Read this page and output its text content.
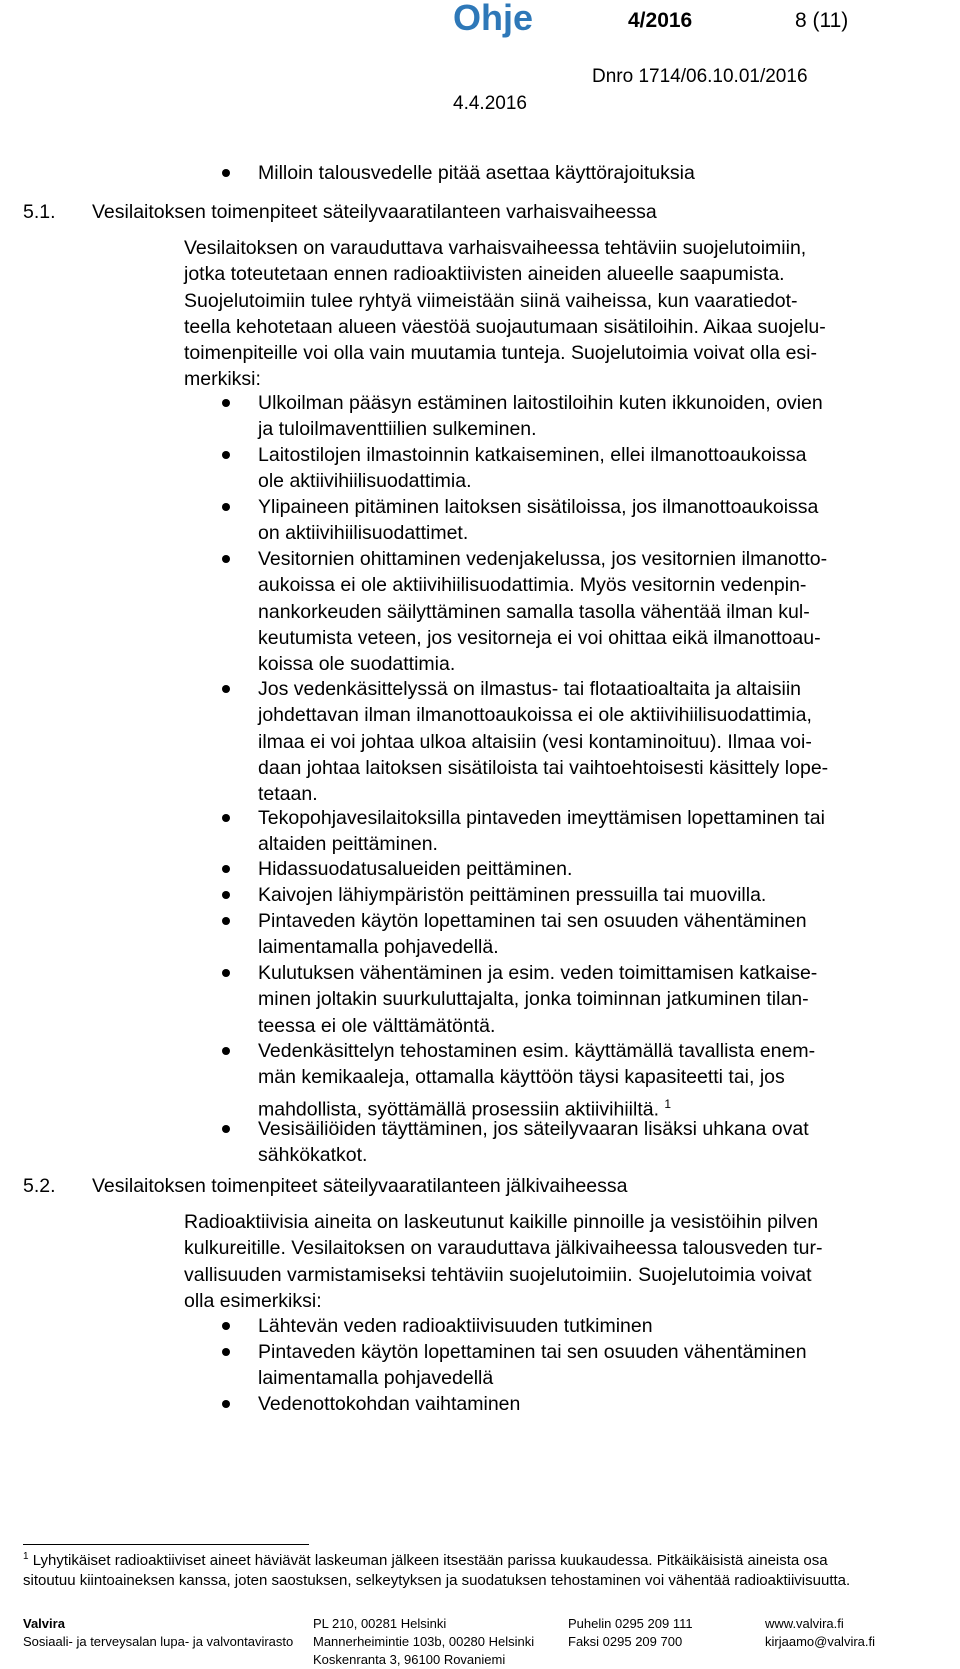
Ohje	4/2016	8 (11)
Dnro 1714/06.10.01/2016
4.4.2016
Milloin talousvedelle pitää asettaa käyttörajoituksia
5.1. Vesilaitoksen toimenpiteet säteilyvaaratilanteen varhaisvaiheessa
Vesilaitoksen on varauduttava varhaisvaiheessa tehtäviin suojelutoimiin,
jotka toteutetaan ennen radioaktiivisten aineiden alueelle saapumista.
Suojelutoimiin tulee ryhtyä viimeistään siinä vaiheissa, kun vaaratiedot-
teella kehotetaan alueen väestöä suojautumaan sisätiloihin. Aikaa suojelu-
toimenpiteille voi olla vain muutamia tunteja. Suojelutoimia voivat olla esi-
merkiksi:
Ulkoilman pääsyn estäminen laitostiloihin kuten ikkunoiden, ovien
ja tuloilmaventtiilien sulkeminen.
Laitostilojen ilmastoinnin katkaiseminen, ellei ilmanottoaukoissa
ole aktiivihiilisuodattimia.
Ylipaineen pitäminen laitoksen sisätiloissa, jos ilmanottoaukoissa
on aktiivihiilisuodattimet.
Vesitornien ohittaminen vedenjakelussa, jos vesitornien ilmanotto-
aukoissa ei ole aktiivihiilisuodattimia. Myös vesitornin vedenpin-
nankorkeuden säilyttäminen samalla tasolla vähentää ilman kul-
keutumista veteen, jos vesitorneja ei voi ohittaa eikä ilmanottoau-
koissa ole suodattimia.
Jos vedenkäsittelyssä on ilmastus- tai flotaatioaltaita ja altaisiin
johdettavan ilman ilmanottoaukoissa ei ole aktiivihiilisuodattimia,
ilmaa ei voi johtaa ulkoa altaisiin (vesi kontaminoituu). Ilmaa voi-
daan johtaa laitoksen sisätiloista tai vaihtoehtoisesti käsittely lope-
tetaan.
Tekopohjavesilaitoksilla pintaveden imeyttämisen lopettaminen tai
altaiden peittäminen.
Hidassuodatusalueiden peittäminen.
Kaivojen lähiympäristön peittäminen pressuilla tai muovilla.
Pintaveden käytön lopettaminen tai sen osuuden vähentäminen
laimentamalla pohjavedellä.
Kulutuksen vähentäminen ja esim. veden toimittamisen katkaise-
minen joltakin suurkuluttajalta, jonka toiminnan jatkuminen tilan-
teessa ei ole välttämätöntä.
Vedenkäsittelyn tehostaminen esim. käyttämällä tavallista enem-
män kemikaaleja, ottamalla käyttöön täysi kapasiteetti tai, jos
mahdollista, syöttämällä prosessiin aktiivihiiltä. $^1$
Vesisäiliöiden täyttäminen, jos säteilyvaaran lisäksi uhkana ovat
sähkökatkot.
5.2. Vesilaitoksen toimenpiteet säteilyvaaratilanteen jälkivaiheessa
Radioaktiivisia aineita on laskeutunut kaikille pinnoille ja vesistöihin pilven
kulkureitille. Vesilaitoksen on varauduttava jälkivaiheessa talousveden tur-
vallisuuden varmistamiseksi tehtäviin suojelutoimiin. Suojelutoimia voivat
olla esimerkiksi:
Lähtevän veden radioaktiivisuuden tutkiminen
Pintaveden käytön lopettaminen tai sen osuuden vähentäminen
laimentamalla pohjavedellä
Vedenottokohdan vaihtaminen
$^1$ Lyhytikäiset radioaktiiviset aineet häviävät laskeuman jälkeen itsestään parissa kuukaudessa. Pitkäikäisistä aineista osa
sitoutuu kiintoaineksen kanssa, joten saostuksen, selkeytyksen ja suodatuksen tehostaminen voi vähentää radioaktiivisuutta.
Valvira
Sosiaali- ja terveysalan lupa- ja valvontavirasto
PL 210, 00281 Helsinki
Mannerheimintie 103b, 00280 Helsinki
Koskenranta 3, 96100 Rovaniemi
Puhelin 0295 209 111
Faksi 0295 209 700
www.valvira.fi
kirjaamo@valvira.fi
